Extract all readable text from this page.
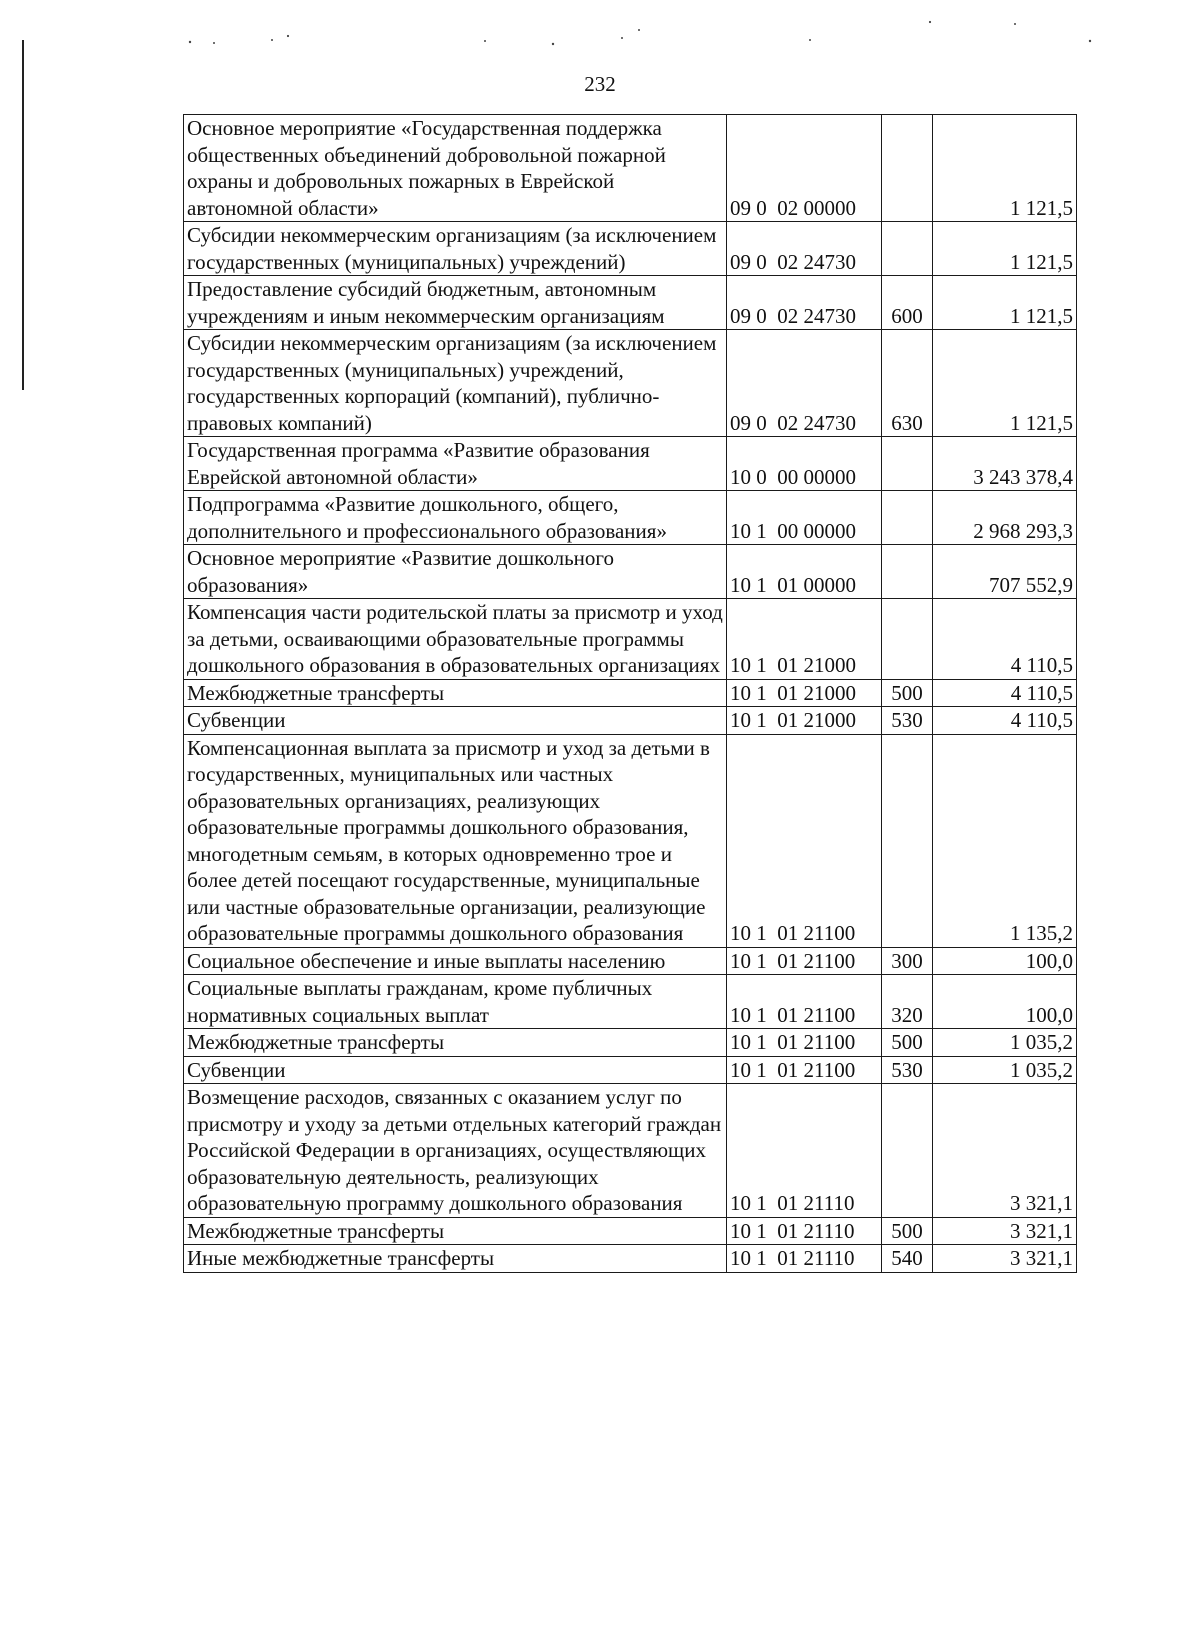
232
Основное мероприятие «Государственная поддержка общественных объединений добровольной пожарной охраны и добровольных пожарных в Еврейской автономной области»	09 0  02 00000		1 121,5
Субсидии некоммерческим организациям (за исключением государственных (муниципальных) учреждений)	09 0  02 24730		1 121,5
Предоставление субсидий бюджетным, автономным учреждениям и иным некоммерческим организациям	09 0  02 24730	600	1 121,5
Субсидии некоммерческим организациям (за исключением государственных (муниципальных) учреждений, государственных корпораций (компаний), публично-правовых компаний)	09 0  02 24730	630	1 121,5
Государственная программа «Развитие образования Еврейской автономной области»	10 0  00 00000		3 243 378,4
Подпрограмма «Развитие дошкольного, общего, дополнительного и профессионального образования»	10 1  00 00000		2 968 293,3
Основное мероприятие «Развитие дошкольного образования»	10 1  01 00000		707 552,9
Компенсация части родительской платы за присмотр и уход за детьми, осваивающими образовательные программы дошкольного образования в образовательных организациях	10 1  01 21000		4 110,5
Межбюджетные трансферты	10 1  01 21000	500	4 110,5
Субвенции	10 1  01 21000	530	4 110,5
Компенсационная выплата за присмотр и уход за детьми в государственных, муниципальных или частных образовательных организациях, реализующих образовательные программы дошкольного образования, многодетным семьям, в которых одновременно трое и более детей посещают государственные, муниципальные или частные образовательные организации, реализующие образовательные программы дошкольного образования	10 1  01 21100		1 135,2
Социальное обеспечение и иные выплаты населению	10 1  01 21100	300	100,0
Социальные выплаты гражданам, кроме публичных нормативных социальных выплат	10 1  01 21100	320	100,0
Межбюджетные трансферты	10 1  01 21100	500	1 035,2
Субвенции	10 1  01 21100	530	1 035,2
Возмещение расходов, связанных с оказанием услуг по присмотру и уходу за детьми отдельных категорий граждан Российской Федерации в организациях, осуществляющих образовательную деятельность, реализующих образовательную программу дошкольного образования	10 1  01 21110		3 321,1
Межбюджетные трансферты	10 1  01 21110	500	3 321,1
Иные межбюджетные трансферты	10 1  01 21110	540	3 321,1
